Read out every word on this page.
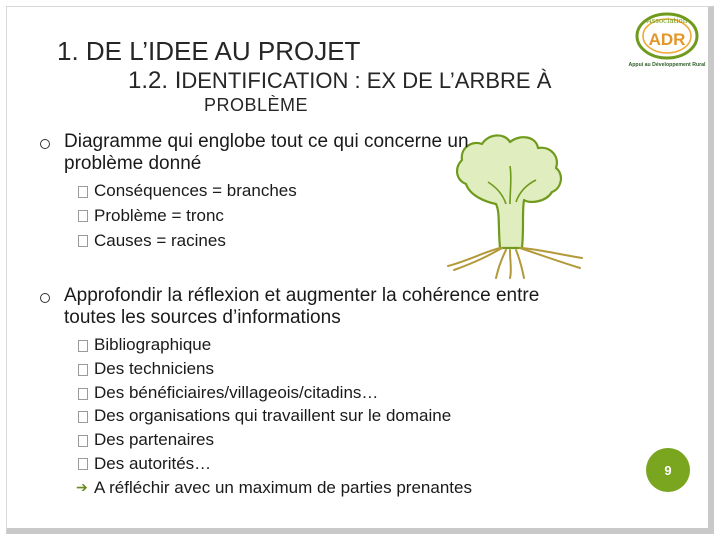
1. DE L’IDEE AU PROJET
1.2. IDENTIFICATION : EX DE L’ARBRE À
PROBLÈME
Association
ADR
Appui au Développement Rural
Diagramme qui englobe tout ce qui concerne un
problème donné
Conséquences = branches
Problème = tronc
Causes = racines
Approfondir la réflexion et augmenter la cohérence entre
toutes les sources d’informations
Bibliographique
Des techniciens
Des bénéficiaires/villageois/citadins…
Des organisations qui travaillent sur le domaine
Des partenaires
Des autorités…
➔ A réfléchir avec un maximum de parties prenantes
9
